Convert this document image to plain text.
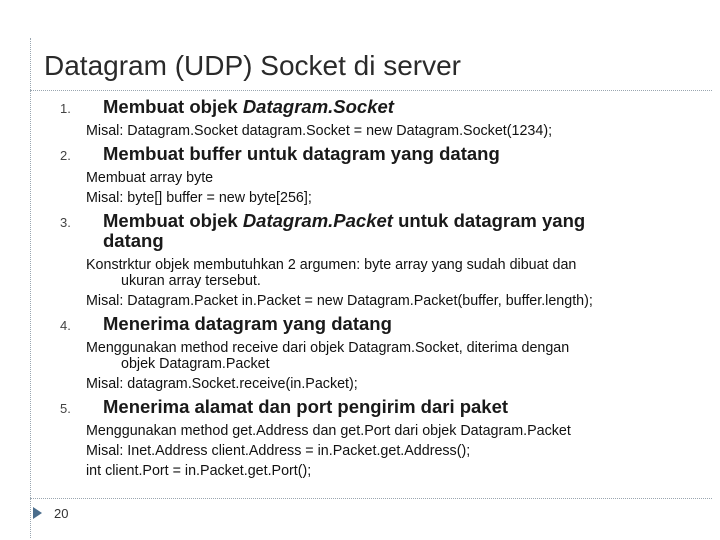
Datagram (UDP) Socket di server
1. Membuat objek Datagram.Socket
Misal: Datagram.Socket datagram.Socket = new Datagram.Socket(1234);
2. Membuat buffer untuk datagram yang datang
Membuat array byte
Misal: byte[] buffer = new byte[256];
3. Membuat objek Datagram.Packet untuk datagram yang
datang
Konstrktur objek membutuhkan 2 argumen: byte array yang sudah dibuat dan
ukuran array tersebut.
Misal: Datagram.Packet in.Packet = new Datagram.Packet(buffer, buffer.length);
4. Menerima datagram yang datang
Menggunakan method receive dari objek Datagram.Socket, diterima dengan
objek Datagram.Packet
Misal: datagram.Socket.receive(in.Packet);
5. Menerima alamat dan port pengirim dari paket
Menggunakan method get.Address dan get.Port dari objek Datagram.Packet
Misal: Inet.Address client.Address = in.Packet.get.Address();
int client.Port = in.Packet.get.Port();
20
